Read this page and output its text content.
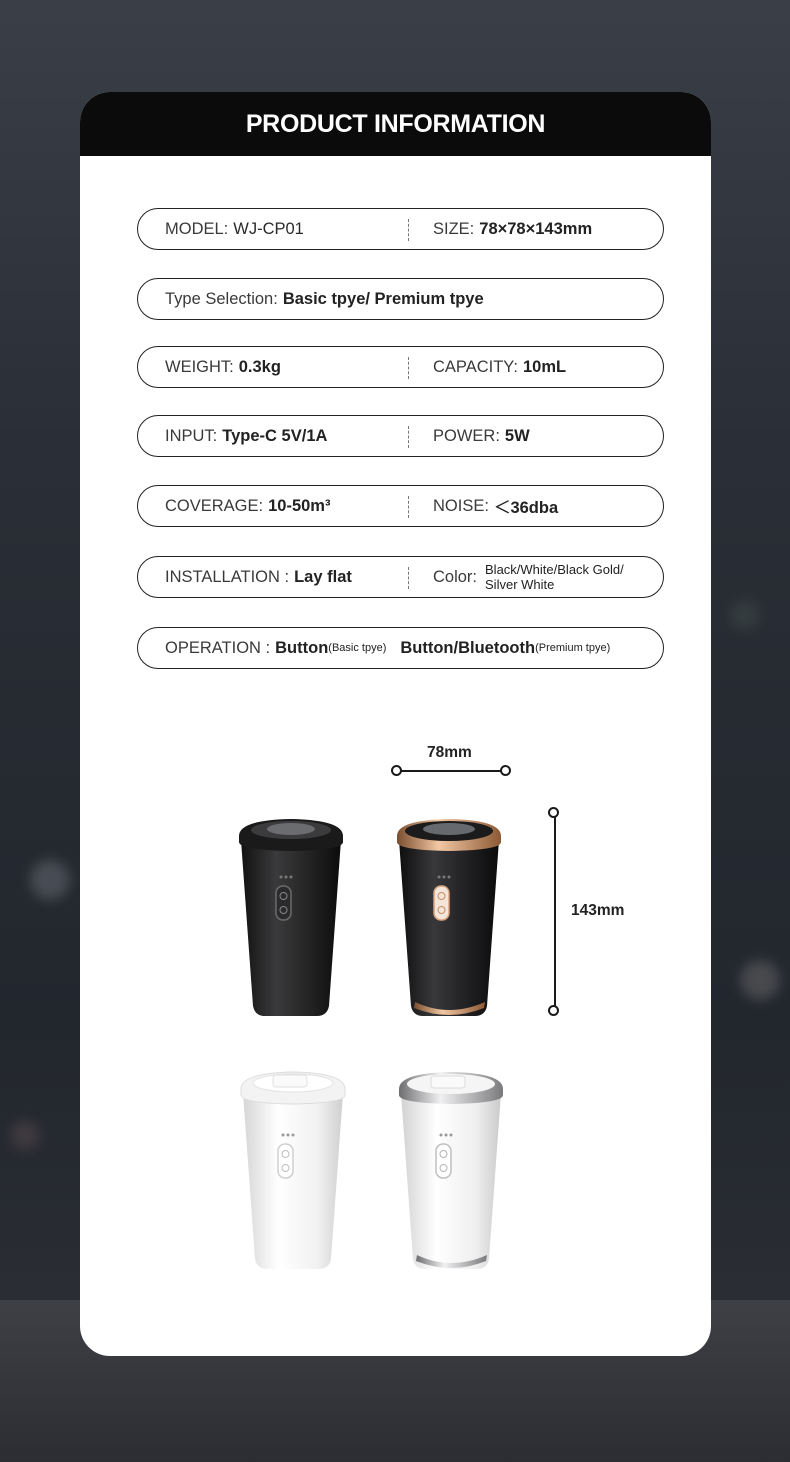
PRODUCT INFORMATION
MODEL: WJ-CP01	SIZE: 78×78×143mm
Type Selection: Basic tpye/ Premium tpye
WEIGHT: 0.3kg	CAPACITY: 10mL
INPUT: Type-C 5V/1A	POWER: 5W
COVERAGE: 10-50m³	NOISE: ＜36dba
INSTALLATION : Lay flat	Color: Black/White/Black Gold/ Silver White
OPERATION : Button (Basic tpye) Button/Bluetooth (Premium tpye)
78mm
143mm
